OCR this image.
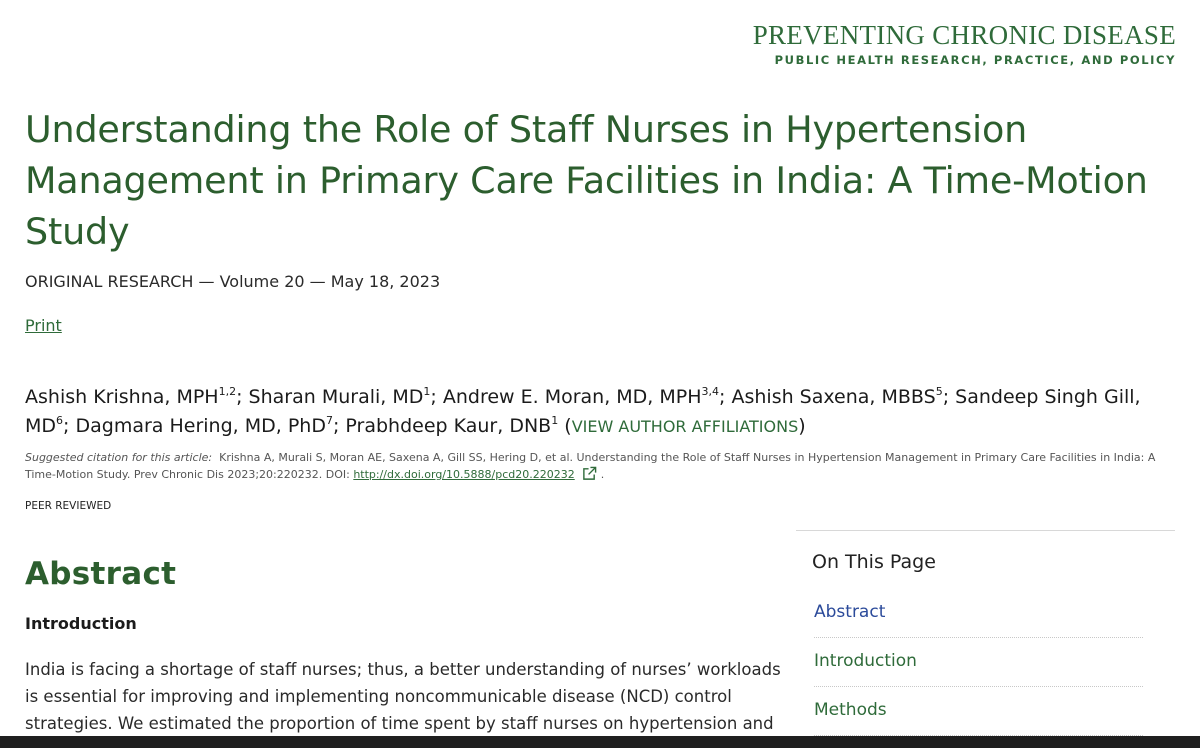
PREVENTING CHRONIC DISEASE
PUBLIC HEALTH RESEARCH, PRACTICE, AND POLICY
Understanding the Role of Staff Nurses in Hypertension Management in Primary Care Facilities in India: A Time-Motion Study
ORIGINAL RESEARCH — Volume 20 — May 18, 2023
Print
Ashish Krishna, MPH$^{1,2}$; Sharan Murali, $MD^1$; Andrew E. Moran, MD, MPH$^{3,4}$; Ashish Saxena, MBBS$^5$; Sandeep Singh Gill, $MD^6$; Dagmara Hering, MD, PhD$^7$; Prabhdeep Kaur, DNB$^1$ (VIEW AUTHOR AFFILIATIONS)
Suggested citation for this article: Krishna A, Murali S, Moran AE, Saxena A, Gill SS, Hering D, et al. Understanding the Role of Staff Nurses in Hypertension Management in Primary Care Facilities in India: A Time-Motion Study. Prev Chronic Dis 2023;20:220232. DOI: http://dx.doi.org/10.5888/pcd20.220232 .
PEER REVIEWED
Abstract
Introduction

India is facing a shortage of staff nurses; thus, a better understanding of nurses’ workloads is essential for improving and implementing noncommunicable disease (NCD) control strategies. We estimated the proportion of time spent by staff nurses on hypertension and

On This Page
Abstract
Introduction
Methods
